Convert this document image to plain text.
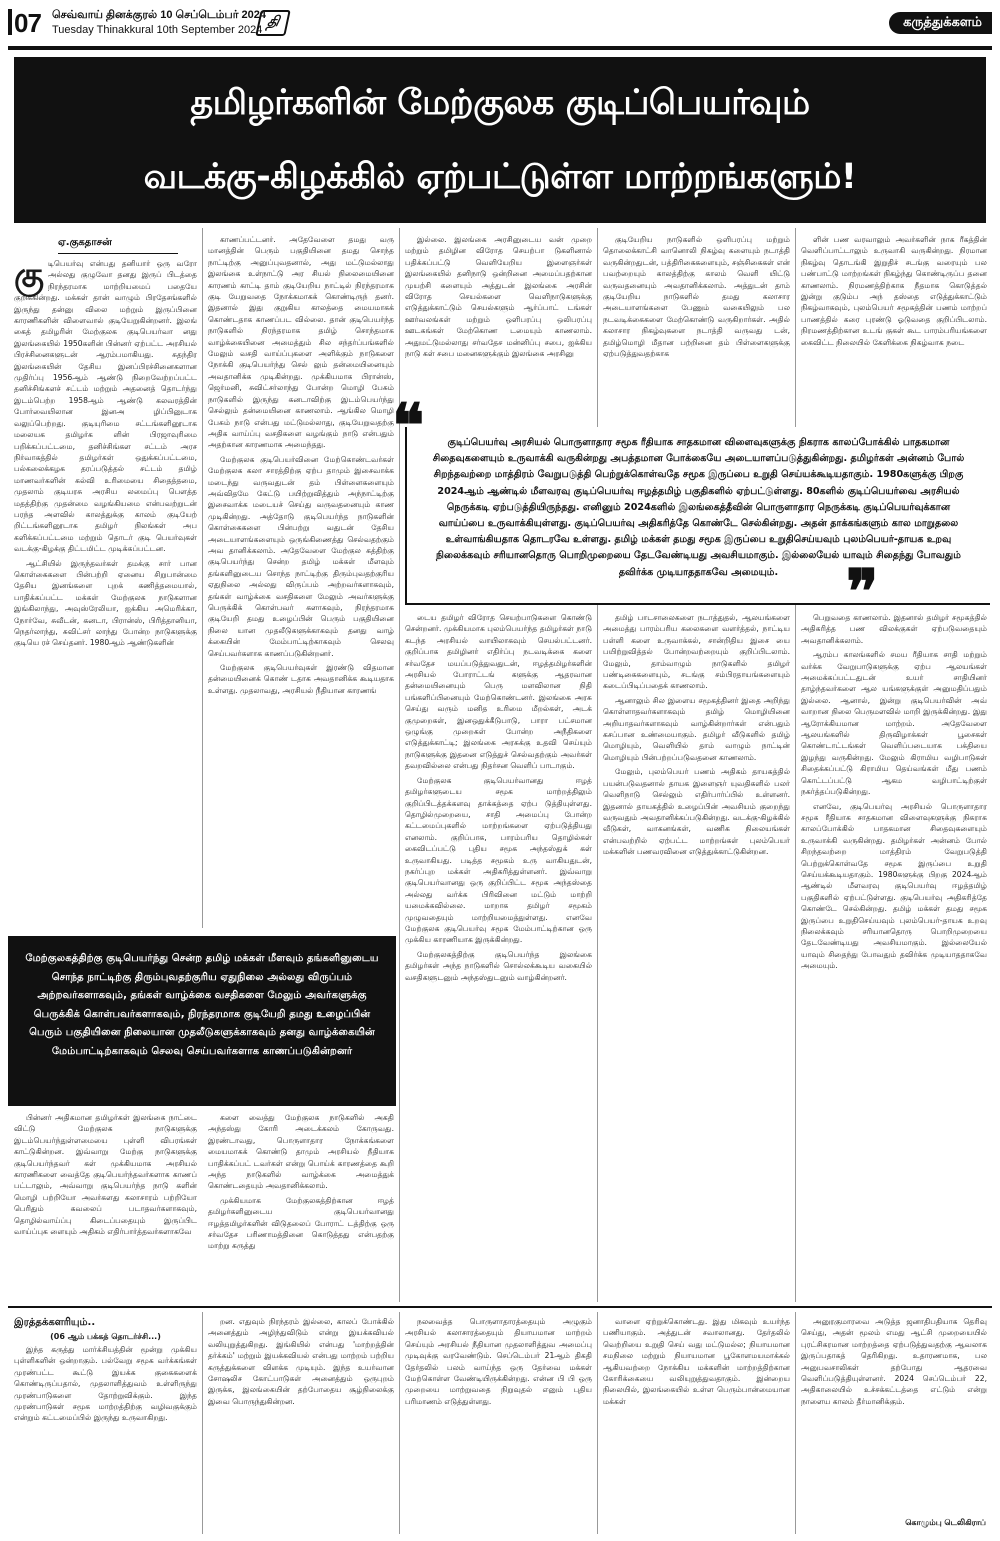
07 செவ்வாய் தினக்குரல் 10 செப்டெம்பர் 2024
Tuesday Thinakkural 10th September 2024 தி	கருத்துக்களம்
தமிழர்களின் மேற்குலக குடிப்பெயர்வும்
வடக்கு-கிழக்கில் ஏற்பட்டுள்ள மாற்றங்களும்!
ஏ.குகதாசன்

குடிபெயர்வு என்பது தனியார் ஒரு வரோ அல்லது குழுவோ தனது இருப் பிடத்தை நிரந்தரமாக மாற்றியமைப் பதையே குறிக்கின்றது. மக்கள் தான் வாழும் பிரதேசங்களில் இருந்து தன்னு விலை மற்றும் இருப்பினை காரணிகளின் விளைவால் குடியேறுகின்றனர். இலங் கைத் தமிழரின் மேற்குலக குடிபெயர்வா னது இலங்கையில் 1950களின் பின்னர் ஏற்பட்ட அரசியல் பிரச்சினைகளுடன் ஆரம்பமாகியது. சுதந்திர இலங்கையின் தேசிய இனப்பிரச்சினைகளான முதிர்ப்பு 1956ஆம் ஆண்டு நிறைவேற்றப்பட்ட தனிச்சிங்களச் சட்டம் மற்றும் அதனைத் தொடர்ந்து இடம்பெற்ற 1958ஆம் ஆண்டு கலவரத்தின் போர்வையிலான இனஅ ழிப்பினுடாக வலுப்பெற்றது. குடியுரிமை சட்டங்களினூடாக மலையக தமிழர்க ளின் பிரஜாவுரிமை பறிக்கப்பட்டமை, தனிச்சிங்கள சட்டம் அரச நிர்வாகத்தில் தமிழர்கள் ஒதுக்கப்பட்டமை, பல்கலைக்கழக தரப்படுத்தல் சட்டம் தமிழ் மாணவர்களின் கல்வி உரிமையை சிதைத்தமை, முதலாம் குடியரசு அரசிய லமைப்பு பௌத்த மதத்திற்கு முதன்மை வழங்கியமை என்பவற்றுடன் பரந்த அளவில் காலத்துக்கு காலம் குடியேற் றிட்டங்களினூடாக தமிழர் நிலங்கள் அப களிக்கப்பட்டமை மற்றும் தொடர் குடி பெயர்வுகள் வடக்கு-கிழக்கு திட்டமிட்ட முடிக்கப்பட்டன.

ஆட்சியில் இருந்தவர்கள் தமக்கு சார் பான கொள்கைகளை பின்பற்றி ஏனைய சிறுபான்மை தேசிய இனங்களை புறக் கணித்தமையால், பாதிக்கப்பட்ட மக்கள் மேற்குலக நாடுகளான இங்கிலாந்து, அவுஸ்ரேலியா, ஐக்கிய அமெரிக்கா, நோர்வே, சுவீடன், கனடா, பிரான்ஸ், பிரித்தானியா, நெதர்லாந்து, சுவிட்சர் லாந்து போன்ற நாடுகளுக்கு குடியெ ரச் செய்தனர். 1980ஆம் ஆண்டுகளின்

காணப்பட்டனர். அதேவேளை தமது வரு மானத்தின் பெரும் பகுதியினை தமது சொந்த நாட்டிற்கு அனுப்புவதனால், அது மட்டுமல்லாது இலங்கை உள்நாட்டு அர சியல் நிலைமையினை காரணம் காட்டி தாம் குடியேறிய நாட்டில் நிரந்தரமாக குடி யேறுவதை நோக்கமாகக் கொண்டிருந் தனர். இதனால் இது குறுகிய காலத்தை மையமாகக் கொண்டதாக காணப்பட வில்லை. தான் குடிபெயர்ந்த நாடுகளில் நிரந்தரமாக தமிழ் சொந்தமாக வாழ்க்கையினை அமைத்தும் சில சந்தர்ப்பங்களில் மேலும் வசதி வாய்ப்புகளை அளிக்கும் நாடுகளை நோக்கி குடிபெயர்ந்து செல் லும் தன்மையினையும் அவதானிக்க முடிகின்றது. முக்கியமாக பிரான்ஸ், ஜெர்மனி, சுவிட்சர்லாந்து போன்ற மொழி பேசும் நாடுகளில் இருந்து கனடாவிற்கு இடம்பெயர்ந்து செல்லும் தன்மையினை காணலாம். ஆங்கில மொழி பேசும் நாடு என்பது மட்டுமல்லாது, குடியேறுவதற்கு அதிக வாய்ப்பு வசதிகளை வழங்கும் நாடு என்பதும் அதற்கான காரணமாக அமைந்தது.

மேற்குலக குடிபெயர்வினை மேற்கொண்டவர்கள் மேற்குலக கலா சாரத்திற்கு ஏற்ப தாமும் இசைவாக்க மடைந்து வருவதுடன் தம் பிள்ளைகளையும் அவ்விதமே கேட்டு பயிற்றுவித்தும் அந்நாட்டிற்கு இசைவாக்க மடையச் செய்து வருவதனையும் காண முடிகின்றது. அத்தோடு குடிபெயர்ந்த நாடுகளின் கொள்கைகளை பின்பற்று வதுடன் தேசிய அடையாளங்களையும் ஒருங்கிணைத்து செல்வதற்கும் அவ தானிக்கலாம். அதேவேளை மேற்குல கத்திற்கு குடிபெயர்ந்து சென்ற தமிழ் மக்கள் மீளவும் தங்களினுடைய சொந்த நாட்டிற்கு திரும்புவதற்குரிய ஏதுநிலை அல்லது விருப்பம் அற்றவர்களாகவும், தங்கள் வாழ்க்கை வசதிகளை மேலும் அவர்களுக்கு பெருக்கிக் கொள்பவர் களாகவும், நிரந்தரமாக குடியேறி தமது உழைப்பின் பெரும் பகுதியினை நிலை யான முதலீடுகளுக்காகவும் தனது வாழ் க்கையின் மேம்பாட்டிற்காகவும் செலவு செய்பவர்களாக காணப்படுகின்றனர்.

மேற்குலக குடிபெயர்வுகள் இரண்டு விதமான தன்மையினைக் கொண் டதாக அவதானிக்க கூடியதாக உள்ளது. முதலாவது, அரசியல் நீதியான காரணங்

இல்லை. இலங்கை அரசினுடைய வன் முறை மற்றும் தமிழின விரோத செயற்பா டுகளினால் பதிக்கப்பட்டு வெளியேறிய இளைஞர்கள் இலங்கையில் தனிநாடு ஒன்றினை அமைப்பதற்கான முயற்சி களையும் அத்துடன் இலங்கை அரசின் விரோத செயல்களை வெளிநாடுகளுக்கு எடுத்துக்காட்டும் செயல்களும் ஆர்ப்பாட் டங்கள் ஊர்வலங்கள் மற்றும் ஒளிபரப்பு ஒலிபரப்பு ஊடகங்கள் மேற்கொண டமையும் காணலாம். அதுமட்டுமல்லாது சர்வதேச மன்னிப்பு சபை, ஐக்கிய நாடு கள் சபை மனைகளுக்கும் இலங்கை அரசினு

குடியேறிய நாடுகளில் ஒளிபரப்பு மற்றும் தொலைக்காட்சி வானொலி நிகழ்வு களையும் நடாத்தி வருகின்றதுடன், பத்திரிகைகளையும், சஞ்சிகைகள் என் பவற்றையும் காலத்திற்கு காலம் வெளி யிட்டு வருவதனையும் அவதானிக்கலாம். அத்துடன் தாம் குடியேறிய நாடுகளில் தமது கலாசார அடையாளங்களை பேணும் வகையிலும் பல நடவடிக்கைகளை மேற்கொண்டு வருகிறார்கள். அதில் கலாசார நிகழ்வுகளை நடாத்தி வருவது டன், தமிழ்மொழி மீதான பற்றினை தம் பிள்ளைகளுக்கு ஏற்படுத்துவதற்காக

ளின் பண வரவாலும் அவர்களின் நாக ரீகத்தின் வெளிப்பாட்டாலும் உருவாகி வருகின்றது. நிரமான நிகழ்வு தொடங்கி இறுதிச் சடங்கு வரையும் பல பண்பாட்டு மாற்றங்கள் நிகழ்ந்து கொண்டிருப்ப தனை காணலாம். நிரமணத்திற்காக நீதமாக கொடுத்தல் இன்று குடும்ப அந் தஸ்தை எடுத்துக்காட்டும் நிகழ்வாகவும், புலம்பெயர் சமூகத்தின் பணம் மாற்றப் பாணத்தில் கரை புரண்டு ஓடுவதை குறிப்பிடலாம். நிரமணத்திற்கான உடங் குகள் கூட பாரம்பரியங்களை கைவிட்ட நிலையில் கேளிக்கை நிகழ்வாக நடை

குடிப்பெயர்வு அரசியல் பொருளாதார சமூக ரீதியாக சாதகமான விளைவுகளுக்கு நிகராக காலப்போக்கில் பாதகமான சிதைவுகளையும் உருவாக்கி வருகின்றது அபத்தமான போக்கையே அடையாளப்படுத்துகின்றது. தமிழர்கள் அன்னம் போல் சிறந்தவற்றை மாத்திரம் வேறுபடுத்தி பெற்றுக்கொள்வதே சமூக இருப்பை உறுதி செய்யக்கூடியதாகும். 1980களுக்கு பிறகு 2024ஆம் ஆண்டில் மீளவரவு குடிப்பெயர்வு ஈழத்தமிழ் பகுதிகளில் ஏற்பட்டுள்ளது. 80களில் குடிப்பெயர்வை அரசியல் நெருக்கடி ஏற்படுத்தியிருந்தது. எனினும் 2024களில் இலங்கைத்தீவின் பொருளாதார நெருக்கடி குடிப்பெயர்வுக்கான வாய்ப்பை உருவாக்கியுள்ளது. குடிப்பெயர்வு அதிகரித்தே கொண்டே செல்கின்றது. அதன் தாக்கங்களும் கால மாறுதலை உள்வாங்கியதாக தொடரவே உள்ளது. தமிழ் மக்கள் தமது சமூக இருப்பை உறுதிசெய்யவும் புலம்பெயர்-தாயக உறவு நிலைக்கவும் சரியானதொரு பொறிமுறையை தேடவேண்டியது அவசியமாகும். இல்லையேல் யாவும் சிதைந்து போவதும் தவிர்க்க முடியாததாகவே அமையும்.
❝
❞

டைய தமிழர் விரோத செயற்பாடுகளை கொண்டு சென்றனர். முக்கியமாக புலம்பெயர்ந்த தமிழர்கள் நாடு கடந்த அரசியல் வாயிலாகவும் செயல்பட்டனர். குறிப்பாக தமிழினர் எதிர்ப்பு நடவடிக்கை களை சர்வதேச மயப்படுத்துவதுடன், ஈழத்தமிழர்களின் அரசியல் போராட்டங் களுக்கு ஆதரவான தன்மையினையும் பெரு மளவிலான நிதி பங்களிப்பினையும் மேற்கொண்டனர். இலங்கை அரசு செய்து வரும் மனித உரிமை மீறல்கள், அடக் குமுறைகள், இனஒதுக்கீடுபாடு, பாரா பட்சமான ஒழுங்கு முறைகள் போன்ற அநீதிகளை எடுத்துக்காட்டி; இலங்கை அரசுக்கு உதவி செய்யும் நாடுகளுக்கு இதனை எடுத்துச் செல்வதற்கும் அவர்கள் தவறவில்லை என்பது நிதர்சன வெளிப் பாடாகும்.

மேற்குலக குடிபெயர்வானது ஈழத் தமிழர்களுடைய சமூக மாற்றத்திலும் குறிப்பிடத்தக்களவு தாக்கத்தை ஏற்ப டுத்தியுள்ளது. தொழில்முறையை, சாதி அமைப்பு போன்ற கட்டமைப்புகளில் மாற்றங்களை ஏற்படுத்தியது எனலாம். குறிப்பாக, பாரம்பரிய தொழில்கள் கைவிடப்பட்டு புதிய சமூக அந்தஸ்துக் கள் உருவாகியது. படித்த சமூகம் உரு வாகியதுடன், நகர்ப்புற மக்கள் அதிகரித்துள்ளனர். இவ்வாறு குடிபெயர்வானது ஒரு குறிப்பிட்ட சமூக அந்தஸ்தை அல்லது வர்க்க பிரிவினை மட்டும் மாற்றி யமைக்கவில்லை. மாறாக தமிழர் சமூகம் முழுவதையும் மாற்றியமைத்துள்ளது. எனவே மேற்குலக குடிபெயர்வு சமூக மேம்பாட்டிற்கான ஒரு முக்கிய காரணியாக இருக்கின்றது.

மேற்குலகத்திற்கு குடிபெயர்ந்த இலங்கை தமிழர்கள் அந்த நாடுகளில் சொல்லக்கூடிய வகையில் வசதிகளுடனும் அந்தஸ்துடனும் வாழ்கின்றனர்.

தமிழ் பாடசாலைகளை நடாத்துதல், ஆலயங்களை அமைத்து பாரம்பரிய கலைகளை வளர்த்தல், நாட்டிய பள்ளி களை உருவாக்கல், சான்றிதிய இசை யை பயிற்றுவித்தல் போன்றவற்றையும் குறிப்பிடலாம். மேலும், தாம்வாழும் நாடுகளில் தமிழர் பண்டிகைகளையும், சடங்கு சம்பிரதாயங்களையும் கடைப்பிடிப்பதைக் காணலாம்.

ஆனாலும் சில இளைய சமூகத்தினர் இதை அறிந்து கொள்ளாதவர்களாகவும் தமிழ் மொழியினை அறியாதவர்களாகவும் வாழ்கின்றார்கள் என்பதும் கசப்பான உண்மையாகும். தமிழர் வீடுகளில் தமிழ் மொழியும், வெளியில் தாம் வாழும் நாட்டின் மொழியும் பின்பற்றப்படுவதனை காணலாம்.

மேலும், புலம்பெயர் பணம் அதிகம் தாயகத்தில் பயன்படுவதனால் தாயக இளைஞர் யுவதிகளில் பலர் வெளிநாடு செல்லும் எதிர்பார்ப்பில் உள்ளனர். இதனால் தாயகத்தில் உழைப்பின் அவசியம் குறைந்து வருவதும் அவதானிக்கப்படுகின்றது. வடக்கு-கிழக்கில் வீடுகள், வாகனங்கள், வணிக நிலையங்கள் என்பவற்றில் ஏற்பட்ட மாற்றங்கள் புலம்பெயர் மக்களின் பணவரவினை எடுத்துக்காட்டுகின்றன.

பெறுவதை காணலாம். இதனால் தமிழர் சமூகத்தில் அதிகரித்த பண விலக்குகள் ஏற்படுவதையும் அவதானிக்கலாம்.

ஆரம்ப காலங்களில் சமய ரீதியாக சாதி மற்றும் வர்க்க வேறுபாடுகளுக்கு ஏற்ப ஆலயங்கள் அமைக்கப்பட்டதுடன் உயர் சாதியினர் தாழ்ந்தவர்களை ஆல யங்களுக்குள் அனுமதிப்பதும் இல்லை. ஆனால், இன்று குடிபெயர்வின் அவ் வாறான நிலை பெருமளவில் மாறி இருக்கின்றது. இது ஆரோக்கியமான மாற்றம். அதேவேளை ஆலயங்களில் திருவிழாக்கள் பூசைகள் கொண்டாட்டங்கள் வெளிப்படையாக பக்தியை இழந்து வருகின்றது. மேலும் கிராமிய வழிபாடுகள் சிதைக்கப்பட்டு கிராமிய தெய்வங்கள் மீது பணம் கொட்டப்பட்டு ஆகம வழிபாட்டிற்குள் நகர்த்தப்படுகின்றது.

எனவே, குடிபெயர்வு அரசியல் பொருளாதார சமூக ரீதியாக சாதகமான விளைவுகளுக்கு நிகராக காலப்போக்கில் பாதகமான சிதைவுகளையும் உருவாக்கி வருகின்றது. தமிழர்கள் அன்னம் போல் சிறந்தவற்றை மாத்திரம் வேறுபடுத்தி பெற்றுக்கொள்வதே சமூக இருப்பை உறுதி செய்யக்கூடியதாகும். 1980களுக்கு பிறகு 2024ஆம் ஆண்டில் மீளவரவு குடிபெயர்வு ஈழத்தமிழ் பகுதிகளில் ஏற்பட்டுள்ளது. குடிபெயர்வு அதிகரித்தே கொண்டே செல்கின்றது. தமிழ் மக்கள் தமது சமூக இருப்பை உறுதிசெய்யவும் புலம்பெயர்-தாயக உறவு நிலைக்கவும் சரியானதொரு பொறிமுறையை தேடவேண்டியது அவசியமாகும். இல்லையேல் யாவும் சிதைந்து போவதும் தவிர்க்க முடியாததாகவே அமையும்.

மேற்குலகத்திற்கு குடிபெயர்ந்து சென்ற தமிழ் மக்கள் மீளவும் தங்களினுடைய சொந்த நாட்டிற்கு திரும்புவதற்குரிய ஏதுநிலை அல்லது விருப்பம் அற்றவர்களாகவும், தங்கள் வாழ்க்கை வசதிகளை மேலும் அவர்களுக்கு பெருக்கிக் கொள்பவர்களாகவும், நிரந்தரமாக குடியேறி தமது உழைப்பின் பெரும் பகுதியினை நிலையான முதலீடுகளுக்காகவும் தனது வாழ்க்கையின் மேம்பாட்டிற்காகவும் செலவு செய்பவர்களாக காணப்படுகின்றனர்

பின்னர் அதிகமான தமிழர்கள் இலங்கை நாட்டை விட்டு மேற்குலக நாடுகளுக்கு இடம்பெயர்ந்துள்ளமையை புள்ளி விபரங்கள் காட்டுகின்றன. இவ்வாறு மேற்கு நாடுகளுக்கு குடிபெயர்ந்தவர் கள் முக்கியமாக அரசியல் காரணிகளை வைத்தே குடிபெயர்ந்தவர்களாக காணப் பட்டாலும், அவ்வாறு குடிபெயர்ந்த நாடு களின் மொழி பற்றியோ அவர்களது கலாசாரம் பற்றியோ பெரிதும் கவலைப் படாதவர்களாகவும், தொழில்வாய்ப்பு கிடைப்பதையும் இருப்பிட வாய்ப்புக ளையும் அதிகம் எதிர்பார்த்தவர்களாகவே

களை வைத்து மேற்குலக நாடுகளில் அகதி அந்தஸ்து கோரி அடைக்கலம் கோருவது. இரண்டாவது, பொருளாதார நோக்கங்களை மையமாகக் கொண்டு தாமும் அரசியல் நீதியாக பாதிக்கப்பட் டவர்கள் என்று பொய்க் காரணத்தை கூறி அந்த நாடுகளில் வாழ்க்கை அமைத்துக் கொண்டதையும் அவதானிக்கலாம்.

முக்கியமாக மேற்குலகத்திற்கான ஈழத் தமிழர்களினுடைய குடிபெயர்வானது ஈழத்தமிழர்களின் விடுதலைப் போராட் டத்திற்கு ஒரு சர்வதேச பரிணாமத்தினை கொடுத்தது என்பதற்கு மாற்று கருத்து

இரத்தக்களரியும்..
(06 ஆம் பக்கத் தொடர்ச்சி...)

இந்த கருத்து மார்க்சியத்தின் மூன்று முக்கிய புள்ளிகளின் ஒன்றாகும். பல்வேறு சமூக வர்க்கங்கள் முரண்பட்ட கூட்டு இயக்க குகைகளைக் கொண்டிருப்பதால், முதலாளித்துவம் உள்ளிருந்து முரண்பாடுகளை தோற்றுவிக்கும். இந்த முரண்பாடுகள் சமூக மாற்றத்திற்கு வழிவகுக்கும் என்றும் கட்டமைப்பில் இருந்து உருவாகிறது.

றன. எதுவும் நிரந்தரம் இல்லை, காலப் போக்கில் அனைத்தும் அழிந்துவிடும் என்று இயக்கவியல் வலியுறுத்துகிறது. இங்கியில் என்பது 'மாற்றத்தின் தர்க்கம்' மற்றும் இயக்கவியல் என்பது மாற்றம் பற்றிய கருத்துக்களை விளக்க முடியும். இந்த உயர்வான சோஷலிச கோட்பாடுகள் அனைத்தும் ஒருபுறம் இருக்க, இலங்கையின் தற்போதைய சூழ்நிலைக்கு இவை பொருந்துகின்றன.

நலவைத்த பொருளாதாரத்தையும் அழுகும் அரசியல் கலாசாரத்தையும் தியாயமான மாற்றம் செய்யும் அரசியல் நீதியான முதலாளித்துவ அமைப்பு முடிவுக்கு வரவேண்டும். செப்டெம்பர் 21ஆம் திகதி தேர்தலில் பலம் வாய்ந்த ஒரு தேர்வை மக்கள் மேற்கொள்ள வேண்டியிருக்கின்றது. என்ன பி பி ஒரு முறையை மாற்றுவதை நிறுவுதல் எனும் புதிய பரிமாணம் எடுத்துள்ளது.

வாளை ஏற்றுக்கொண்டது. இது மிகவும் உயர்ந்த பணியாகும். அத்துடன் சவாலானது. தேர்தலில் வெற்றியை உறுதி செய் வது மட்டுமல்ல; நியாயமான சமநிலை மற்றும் நியாயமான பூகோளமயமாக்கல் ஆகியவற்றை நோக்கிய மக்களின் மாற்றத்திற்கான கோரிக்கையை வலியுறுத்துவதாகும். இன்றைய நிலையில், இலங்கையில் உள்ள பெரும்பான்மையான மக்கள்

அனுரகுமாரவை அடுத்த ஜனாதிபதியாக தெரிவு செய்து, அதன் மூலம் எமது ஆட்சி முறையையில் புரட்சிகரமான மாற்றத்தை ஏற்படுத்துவதற்கு ஆவலாக இருப்பதாகத் தெரிகிறது. உதாரணமாக, பல அனுபவசாலிகள் தற்போது ஆதரவை வெளிப்படுத்தியுள்ளனர். 2024 செப்டெம்பர் 22, அதிகாலையில் உச்சக்கட்டத்தை எட்டும் என்று நாளைய காலம் தீர்மானிக்கும்.

கொழும்பு டெலிகிராப்
